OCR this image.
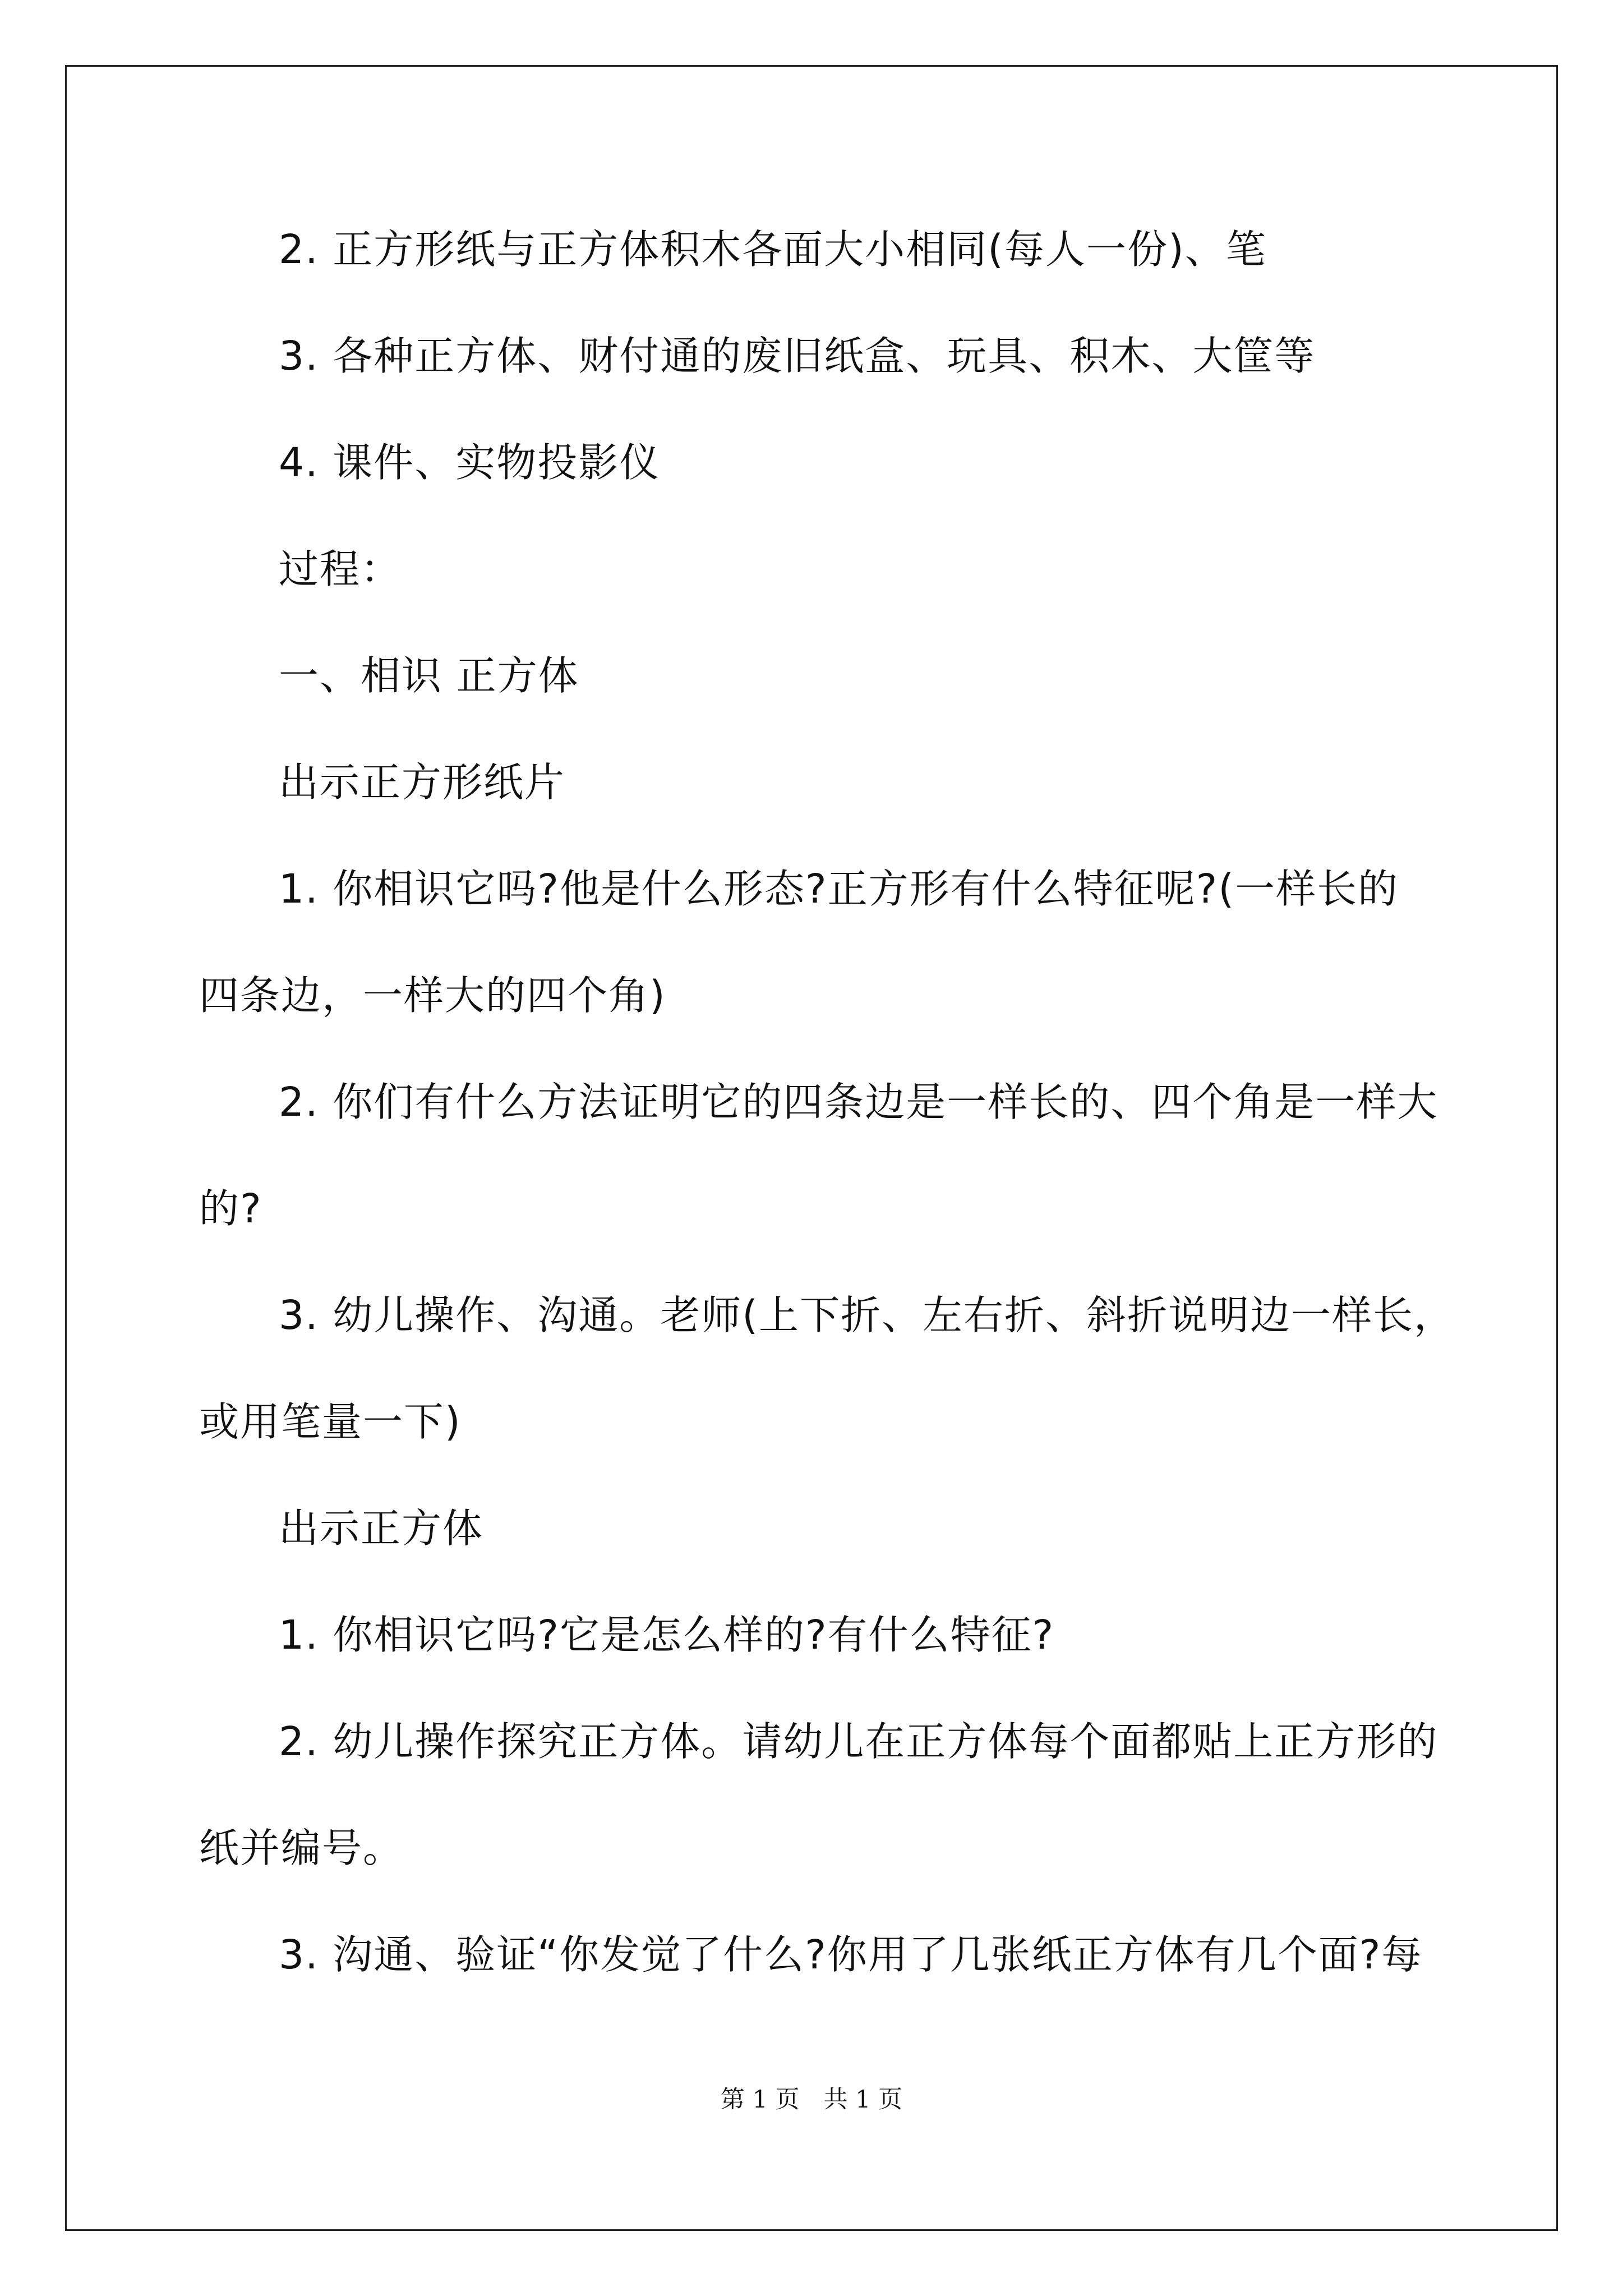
2. 正方形纸与正方体积木各面大小相同(每人一份)、笔
3. 各种正方体、财付通的废旧纸盒、玩具、积木、大筐等
4. 课件、实物投影仪
过程：
一、相识 正方体
出示正方形纸片
1. 你相识它吗?他是什么形态?正方形有什么特征呢?(一样长的
四条边，一样大的四个角)
2. 你们有什么方法证明它的四条边是一样长的、四个角是一样大
的?
3. 幼儿操作、沟通。老师(上下折、左右折、斜折说明边一样长，
或用笔量一下)
出示正方体
1. 你相识它吗?它是怎么样的?有什么特征?
2. 幼儿操作探究正方体。请幼儿在正方体每个面都贴上正方形的
纸并编号。
3. 沟通、验证“你发觉了什么?你用了几张纸正方体有几个面?每
第 1 页　共 1 页
